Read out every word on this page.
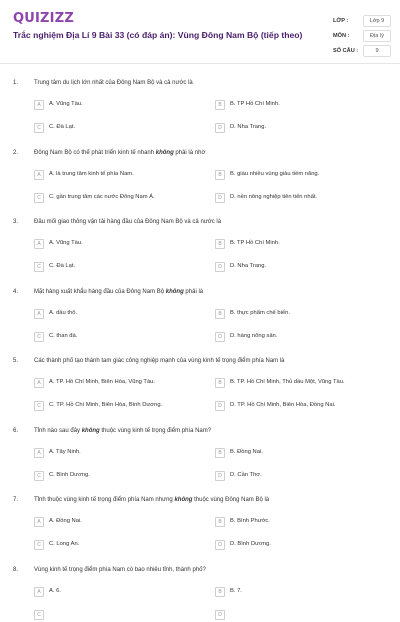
QUIZIZZ
Trắc nghiệm Địa Lí 9 Bài 33 (có đáp án): Vùng Đông Nam Bộ (tiếp theo)
LỚP :	Lớp 9
MÔN :	Địa lý
SỐ CÂU :	9
1.	Trung tâm du lịch lớn nhất của Đông Nam Bộ và cả nước là
A	A. Vũng Tàu.	B	B. TP Hồ Chí Minh.
C	C. Đà Lạt.	D	D. Nha Trang.
2.	Đông Nam Bộ có thế phát triển kinh tế nhanh không phải là nhờ
A	A. là trung tâm kinh tế phía Nam.	B	B. giàu nhiều vùng giàu tiềm năng.
C	C. gần trung tâm các nước Đông Nam Á.	D	D. nền nông nghiệp tiên tiến nhất.
3.	Đầu mối giao thông vận tải hàng đầu của Đông Nam Bộ và cả nước là
A	A. Vũng Tàu.	B	B. TP Hồ Chí Minh.
C	C. Đà Lạt.	D	D. Nha Trang.
4.	Mặt hàng xuất khẩu hàng đầu của Đông Nam Bộ không phải là
A	A. dầu thô.	B	B. thực phẩm chế biến.
C	C. than đá.	D	D. hàng nông sản.
5.	Các thành phố tạo thành tam giác công nghiệp mạnh của vùng kinh tế trọng điểm phía Nam là
A	A. TP. Hồ Chí Minh, Biên Hòa, Vũng Tàu.	B	B. TP. Hồ Chí Minh, Thủ dầu Một, Vũng Tàu.
C	C. TP. Hồ Chí Minh, Biên Hòa, Bình Dương.	D	D. TP. Hồ Chí Minh, Biên Hòa, Đồng Nai.
6.	Tỉnh nào sau đây không thuộc vùng kinh tế trọng điểm phía Nam?
A	A. Tây Ninh.	B	B. Đồng Nai.
C	C. Bình Dương.	D	D. Cần Thơ.
7.	Tỉnh thuộc vùng kinh tế trọng điểm phía Nam nhưng không thuộc vùng Đông Nam Bộ là
A	A. Đồng Nai.	B	B. Bình Phước.
C	C. Long An.	D	D. Bình Dương.
8.	Vùng kinh tế trọng điểm phía Nam có bao nhiêu tỉnh, thành phố?
A	A. 6.	B	B. 7.
C	D
